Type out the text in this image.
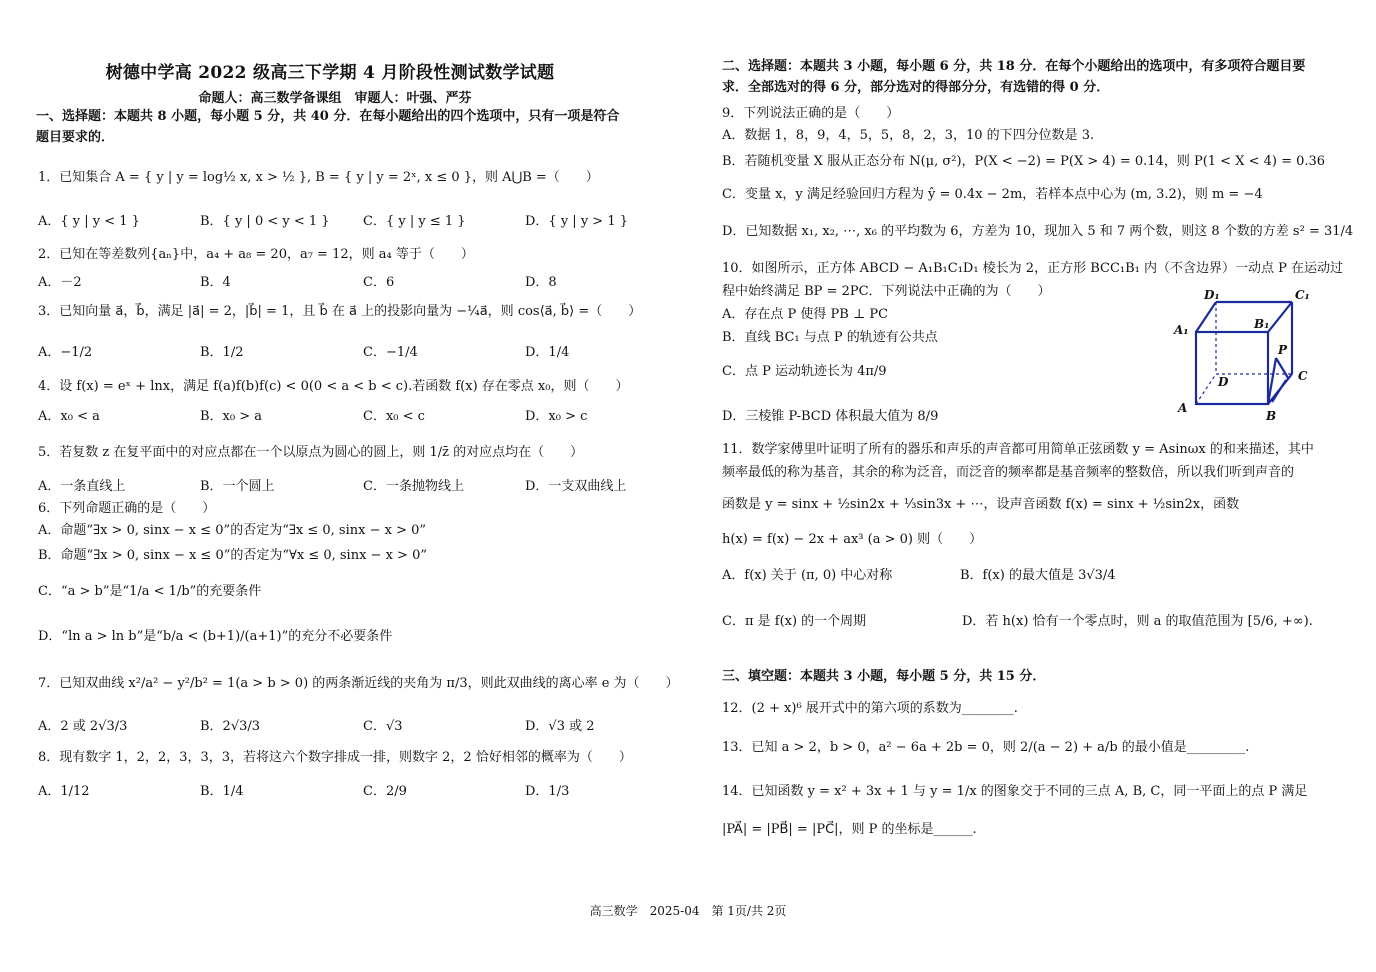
树德中学高 2022 级高三下学期 4 月阶段性测试数学试题
命题人：高三数学备课组　审题人：叶强、严芬
一、选择题：本题共 8 小题，每小题 5 分，共 40 分．在每小题给出的四个选项中，只有一项是符合
题目要求的．
1．已知集合 A = { y | y = log½ x, x > ½ }, B = { y | y = 2ˣ, x ≤ 0 }，则 A⋃B =（　　）
A．{ y | y < 1 }	B．{ y | 0 < y < 1 }	C．{ y | y ≤ 1 }	D．{ y | y > 1 }
2．已知在等差数列{aₙ}中，a₄ + a₈ = 20，a₇ = 12，则 a₄ 等于（　　）
A．－2	B．4	C．6	D．8
3．已知向量 a⃗，b⃗，满足 |a⃗| = 2，|b⃗| = 1，且 b⃗ 在 a⃗ 上的投影向量为 −¼a⃗，则 cos⟨a⃗, b⃗⟩ =（　　）
A．−1/2	B．1/2	C．−1/4	D．1/4
4．设 f(x) = eˣ + lnx，满足 f(a)f(b)f(c) < 0(0 < a < b < c).若函数 f(x) 存在零点 x₀，则（　　）
A．x₀ < a	B．x₀ > a	C．x₀ < c	D．x₀ > c
5．若复数 z 在复平面中的对应点都在一个以原点为圆心的圆上，则 1/z̄ 的对应点均在（　　）
A．一条直线上	B．一个圆上	C．一条抛物线上	D．一支双曲线上
6．下列命题正确的是（　　）
A．命题“∃x > 0, sinx − x ≤ 0”的否定为“∃x ≤ 0, sinx − x > 0”
B．命题“∃x > 0, sinx − x ≤ 0”的否定为“∀x ≤ 0, sinx − x > 0”
C．“a > b”是“1/a < 1/b”的充要条件
D．“ln a > ln b”是“b/a < (b+1)/(a+1)”的充分不必要条件
7．已知双曲线 x²/a² − y²/b² = 1(a > b > 0) 的两条渐近线的夹角为 π/3，则此双曲线的离心率 e 为（　　）
A．2 或 2√3/3	B．2√3/3	C．√3	D．√3 或 2
8．现有数字 1，2，2，3，3，3，若将这六个数字排成一排，则数字 2，2 恰好相邻的概率为（　　）
A．1/12	B．1/4	C．2/9	D．1/3
二、选择题：本题共 3 小题，每小题 6 分，共 18 分．在每个小题给出的选项中，有多项符合题目要
求．全部选对的得 6 分，部分选对的得部分分，有选错的得 0 分．
9．下列说法正确的是（　　）
A．数据 1，8，9，4，5，5，8，2，3，10 的下四分位数是 3.
B．若随机变量 X 服从正态分布 N(μ, σ²)，P(X < −2) = P(X > 4) = 0.14，则 P(1 < X < 4) = 0.36
C．变量 x，y 满足经验回归方程为 ŷ = 0.4x − 2m，若样本点中心为 (m, 3.2)，则 m = −4
D．已知数据 x₁, x₂, ⋯, x₆ 的平均数为 6，方差为 10，现加入 5 和 7 两个数，则这 8 个数的方差 s² = 31/4
10．如图所示，正方体 ABCD − A₁B₁C₁D₁ 棱长为 2，正方形 BCC₁B₁ 内（不含边界）一动点 P 在运动过
程中始终满足 BP = 2PC．下列说法中正确的为（　　）
A．存在点 P 使得 PB ⊥ PC
B．直线 BC₁ 与点 P 的轨迹有公共点
C．点 P 运动轨迹长为 4π/9
D．三棱锥 P-BCD 体积最大值为 8/9
D₁	C₁
A₁	B₁
P
C
D
A
B
11．数学家傅里叶证明了所有的器乐和声乐的声音都可用简单正弦函数 y = Asinωx 的和来描述，其中
频率最低的称为基音，其余的称为泛音，而泛音的频率都是基音频率的整数倍，所以我们听到声音的
函数是 y = sinx + ½sin2x + ⅓sin3x + ⋯，设声音函数 f(x) = sinx + ½sin2x，函数
h(x) = f(x) − 2x + ax³ (a > 0) 则（　　）
A．f(x) 关于 (π, 0) 中心对称	B．f(x) 的最大值是 3√3/4
C．π 是 f(x) 的一个周期	D．若 h(x) 恰有一个零点时，则 a 的取值范围为 [5/6, +∞).
三、填空题：本题共 3 小题，每小题 5 分，共 15 分．
12．(2 + x)⁶ 展开式中的第六项的系数为________.
13．已知 a > 2，b > 0，a² − 6a + 2b = 0，则 2/(a − 2) + a/b 的最小值是_________.
14．已知函数 y = x² + 3x + 1 与 y = 1/x 的图象交于不同的三点 A, B, C，同一平面上的点 P 满足
|PA⃗| = |PB⃗| = |PC⃗|，则 P 的坐标是______.
高三数学　2025-04　第 1页/共 2页
